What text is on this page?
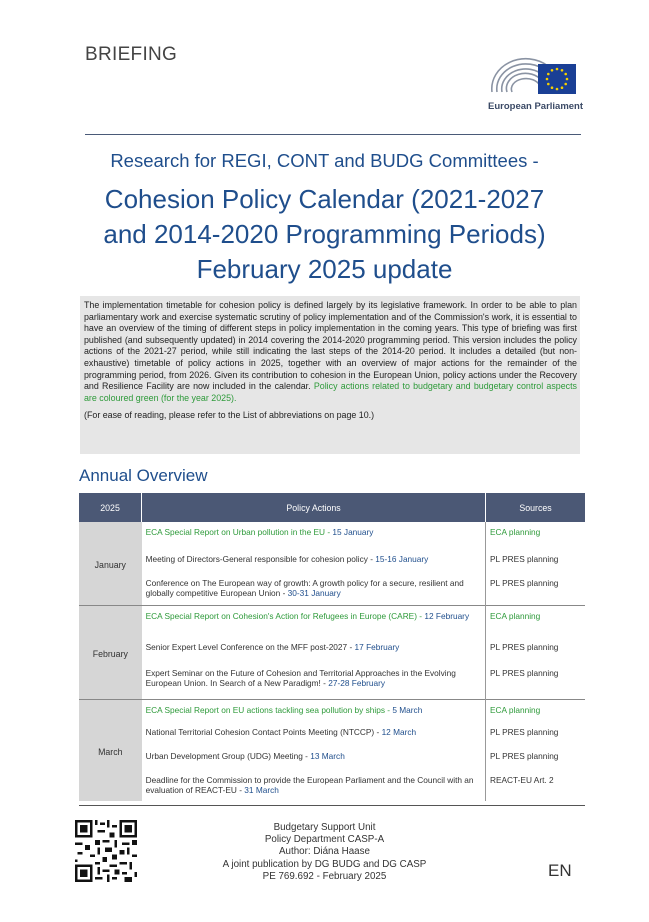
BRIEFING
European Parliament
Research for REGI, CONT and BUDG Committees -
Cohesion Policy Calendar (2021-2027
and 2014-2020 Programming Periods)
February 2025 update

The implementation timetable for cohesion policy is defined largely by its legislative framework. In order to be able to plan parliamentary work and exercise systematic scrutiny of policy implementation and of the Commission's work, it is essential to have an overview of the timing of different steps in policy implementation in the coming years. This type of briefing was first published (and subsequently updated) in 2014 covering the 2014-2020 programming period. This version includes the policy actions of the 2021-27 period, while still indicating the last steps of the 2014-20 period. It includes a detailed (but non-exhaustive) timetable of policy actions in 2025, together with an overview of major actions for the remainder of the programming period, from 2026. Given its contribution to cohesion in the European Union, policy actions under the Recovery and Resilience Facility are now included in the calendar. Policy actions related to budgetary and budgetary control aspects are coloured green (for the year 2025).

(For ease of reading, please refer to the List of abbreviations on page 10.)

Annual Overview
2025	Policy Actions	Sources
January	ECA Special Report on Urban pollution in the EU - 15 January	ECA planning
	Meeting of Directors-General responsible for cohesion policy - 15-16 January	PL PRES planning
	Conference on The European way of growth: A growth policy for a secure, resilient and globally competitive European Union - 30-31 January	PL PRES planning
February	ECA Special Report on Cohesion's Action for Refugees in Europe (CARE) - 12 February	ECA planning
	Senior Expert Level Conference on the MFF post-2027 - 17 February	PL PRES planning
	Expert Seminar on the Future of Cohesion and Territorial Approaches in the Evolving European Union. In Search of a New Paradigm! - 27-28 February	PL PRES planning
March	ECA Special Report on EU actions tackling sea pollution by ships - 5 March	ECA planning
	National Territorial Cohesion Contact Points Meeting (NTCCP) - 12 March	PL PRES planning
	Urban Development Group (UDG) Meeting - 13 March	PL PRES planning
	Deadline for the Commission to provide the European Parliament and the Council with an evaluation of REACT-EU - 31 March	REACT-EU Art. 2
Budgetary Support Unit
Policy Department CASP-A
Author: Diána Haase
A joint publication by DG BUDG and DG CASP
PE 769.692 - February 2025	EN
